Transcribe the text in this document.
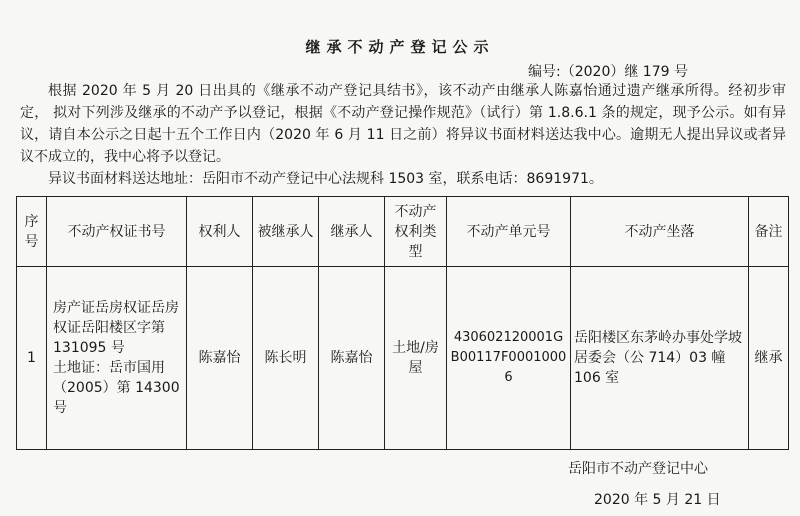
继承不动产登记公示
编号:（2020）继 179 号

根据 2020 年 5 月 20 日出具的《继承不动产登记具结书》，该不动产由继承人陈嘉怡通过遗产继承所得。经初步审定， 拟对下列涉及继承的不动产予以登记，根据《不动产登记操作规范》（试行）第 1.8.6.1 条的规定，现予公示。如有异议，请自本公示之日起十五个工作日内（2020 年 6 月 11 日之前）将异议书面材料送达我中心。逾期无人提出异议或者异议不成立的，我中心将予以登记。

异议书面材料送达地址：岳阳市不动产登记中心法规科 1503 室，联系电话：8691971。

序号	不动产权证书号	权利人	被继承人	继承人	不动产权利类型	不动产单元号	不动产坐落	备注
1	房产证岳房权证岳房权证岳阳楼区字第 131095 号
土地证：岳市国用（2005）第 14300 号	陈嘉怡	陈长明	陈嘉怡	土地/房屋	430602120001GB00117F00010006	岳阳楼区东茅岭办事处学坡居委会（公 714）03 幢 106 室	继承
岳阳市不动产登记中心
2020 年 5 月 21 日
